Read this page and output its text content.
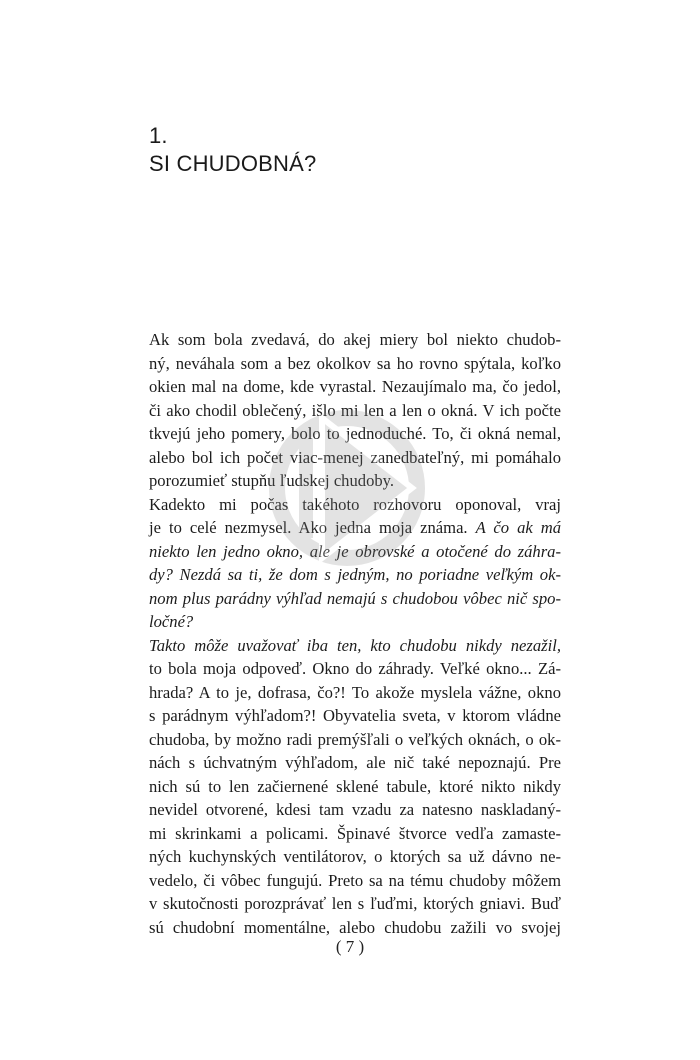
1.
SI CHUDOBNÁ?
Ak som bola zvedavá, do akej miery bol niekto chudob-
ný, neváhala som a bez okolkov sa ho rovno spýtala, koľko
okien mal na dome, kde vyrastal. Nezaujímalo ma, čo jedol,
či ako chodil oblečený, išlo mi len a len o okná. V ich počte
tkvejú jeho pomery, bolo to jednoduché. To, či okná nemal,
alebo bol ich počet viac-menej zanedbateľný, mi pomáhalo
porozumieť stupňu ľudskej chudoby.
Kadekto mi počas takéhoto rozhovoru oponoval, vraj
je to celé nezmysel. Ako jedna moja známa. A čo ak má
niekto len jedno okno, ale je obrovské a otočené do záhra-
dy? Nezdá sa ti, že dom s jedným, no poriadne veľkým ok-
nom plus parádny výhľad nemajú s chudobou vôbec nič spo-
ločné?
Takto môže uvažovať iba ten, kto chudobu nikdy nezažil,
to bola moja odpoveď. Okno do záhrady. Veľké okno... Zá-
hrada? A to je, dofrasa, čo?! To akože myslela vážne, okno
s parádnym výhľadom?! Obyvatelia sveta, v ktorom vládne
chudoba, by možno radi premýšľali o veľkých oknách, o ok-
nách s úchvatným výhľadom, ale nič také nepoznajú. Pre
nich sú to len začiernené sklené tabule, ktoré nikto nikdy
nevidel otvorené, kdesi tam vzadu za natesno naskladaný-
mi skrinkami a policami. Špinavé štvorce vedľa zamaste-
ných kuchynských ventilátorov, o ktorých sa už dávno ne-
vedelo, či vôbec fungujú. Preto sa na tému chudoby môžem
v skutočnosti porozprávať len s ľuďmi, ktorých gniavi. Buď
sú chudobní momentálne, alebo chudobu zažili vo svojej
( 7 )
